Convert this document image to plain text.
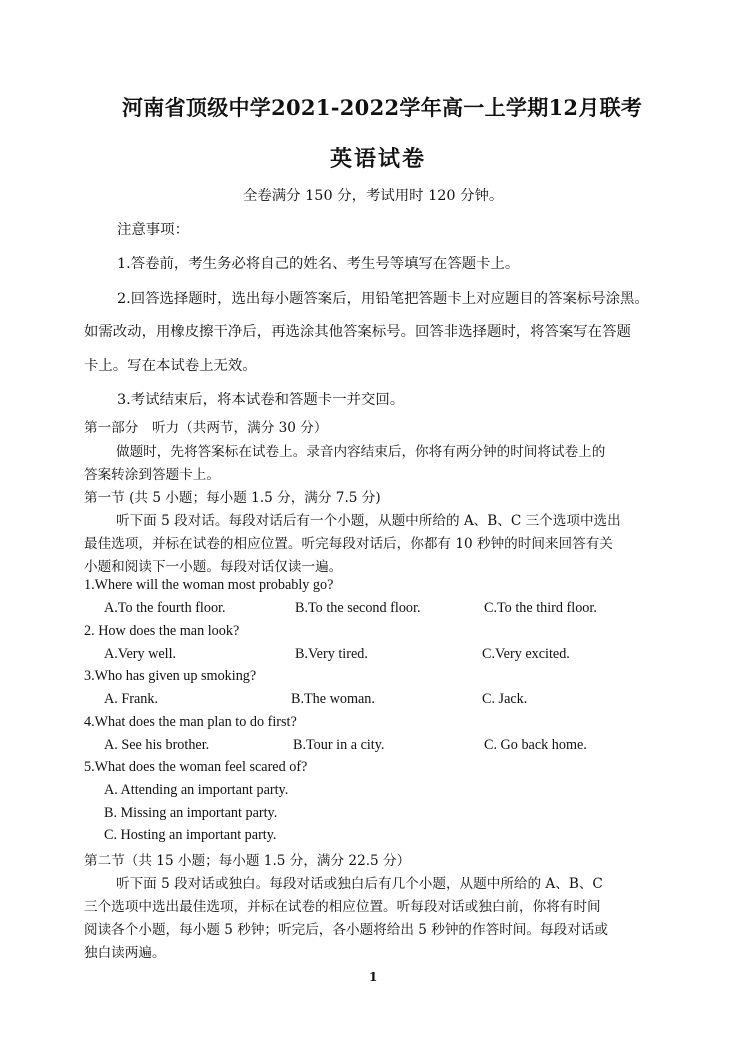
河南省顶级中学2021-2022学年高一上学期12月联考
英语试卷
全卷满分 150 分，考试用时 120 分钟。
注意事项：
1.答卷前，考生务必将自己的姓名、考生号等填写在答题卡上。
2.回答选择题时，选出每小题答案后，用铅笔把答题卡上对应题目的答案标号涂黑。
如需改动，用橡皮擦干净后，再选涂其他答案标号。回答非选择题时，将答案写在答题
卡上。写在本试卷上无效。
3.考试结束后，将本试卷和答题卡一并交回。
第一部分　听力（共两节，满分 30 分）
做题时，先将答案标在试卷上。录音内容结束后，你将有两分钟的时间将试卷上的
答案转涂到答题卡上。
第一节 (共 5 小题；每小题 1.5 分，满分 7.5 分)
听下面 5 段对话。每段对话后有一个小题，从题中所给的 A、B、C 三个选项中选出
最佳选项，并标在试卷的相应位置。听完每段对话后，你都有 10 秒钟的时间来回答有关
小题和阅读下一小题。每段对话仅读一遍。
1.Where will the woman most probably go?
A.To the fourth floor.	B.To the second floor.	C.To the third floor.
2. How does the man look?
A.Very well.	B.Very tired.	C.Very excited.
3.Who has given up smoking?
A. Frank.	B.The woman.	C. Jack.
4.What does the man plan to do first?
A. See his brother.	B.Tour in a city.	C. Go back home.
5.What does the woman feel scared of?
A. Attending an important party.
B. Missing an important party.
C. Hosting an important party.
第二节（共 15 小题；每小题 1.5 分，满分 22.5 分）
听下面 5 段对话或独白。每段对话或独白后有几个小题，从题中所给的 A、B、C
三个选项中选出最佳选项，并标在试卷的相应位置。听每段对话或独白前，你将有时间
阅读各个小题，每小题 5 秒钟；听完后，各小题将给出 5 秒钟的作答时间。每段对话或
独白读两遍。
1
